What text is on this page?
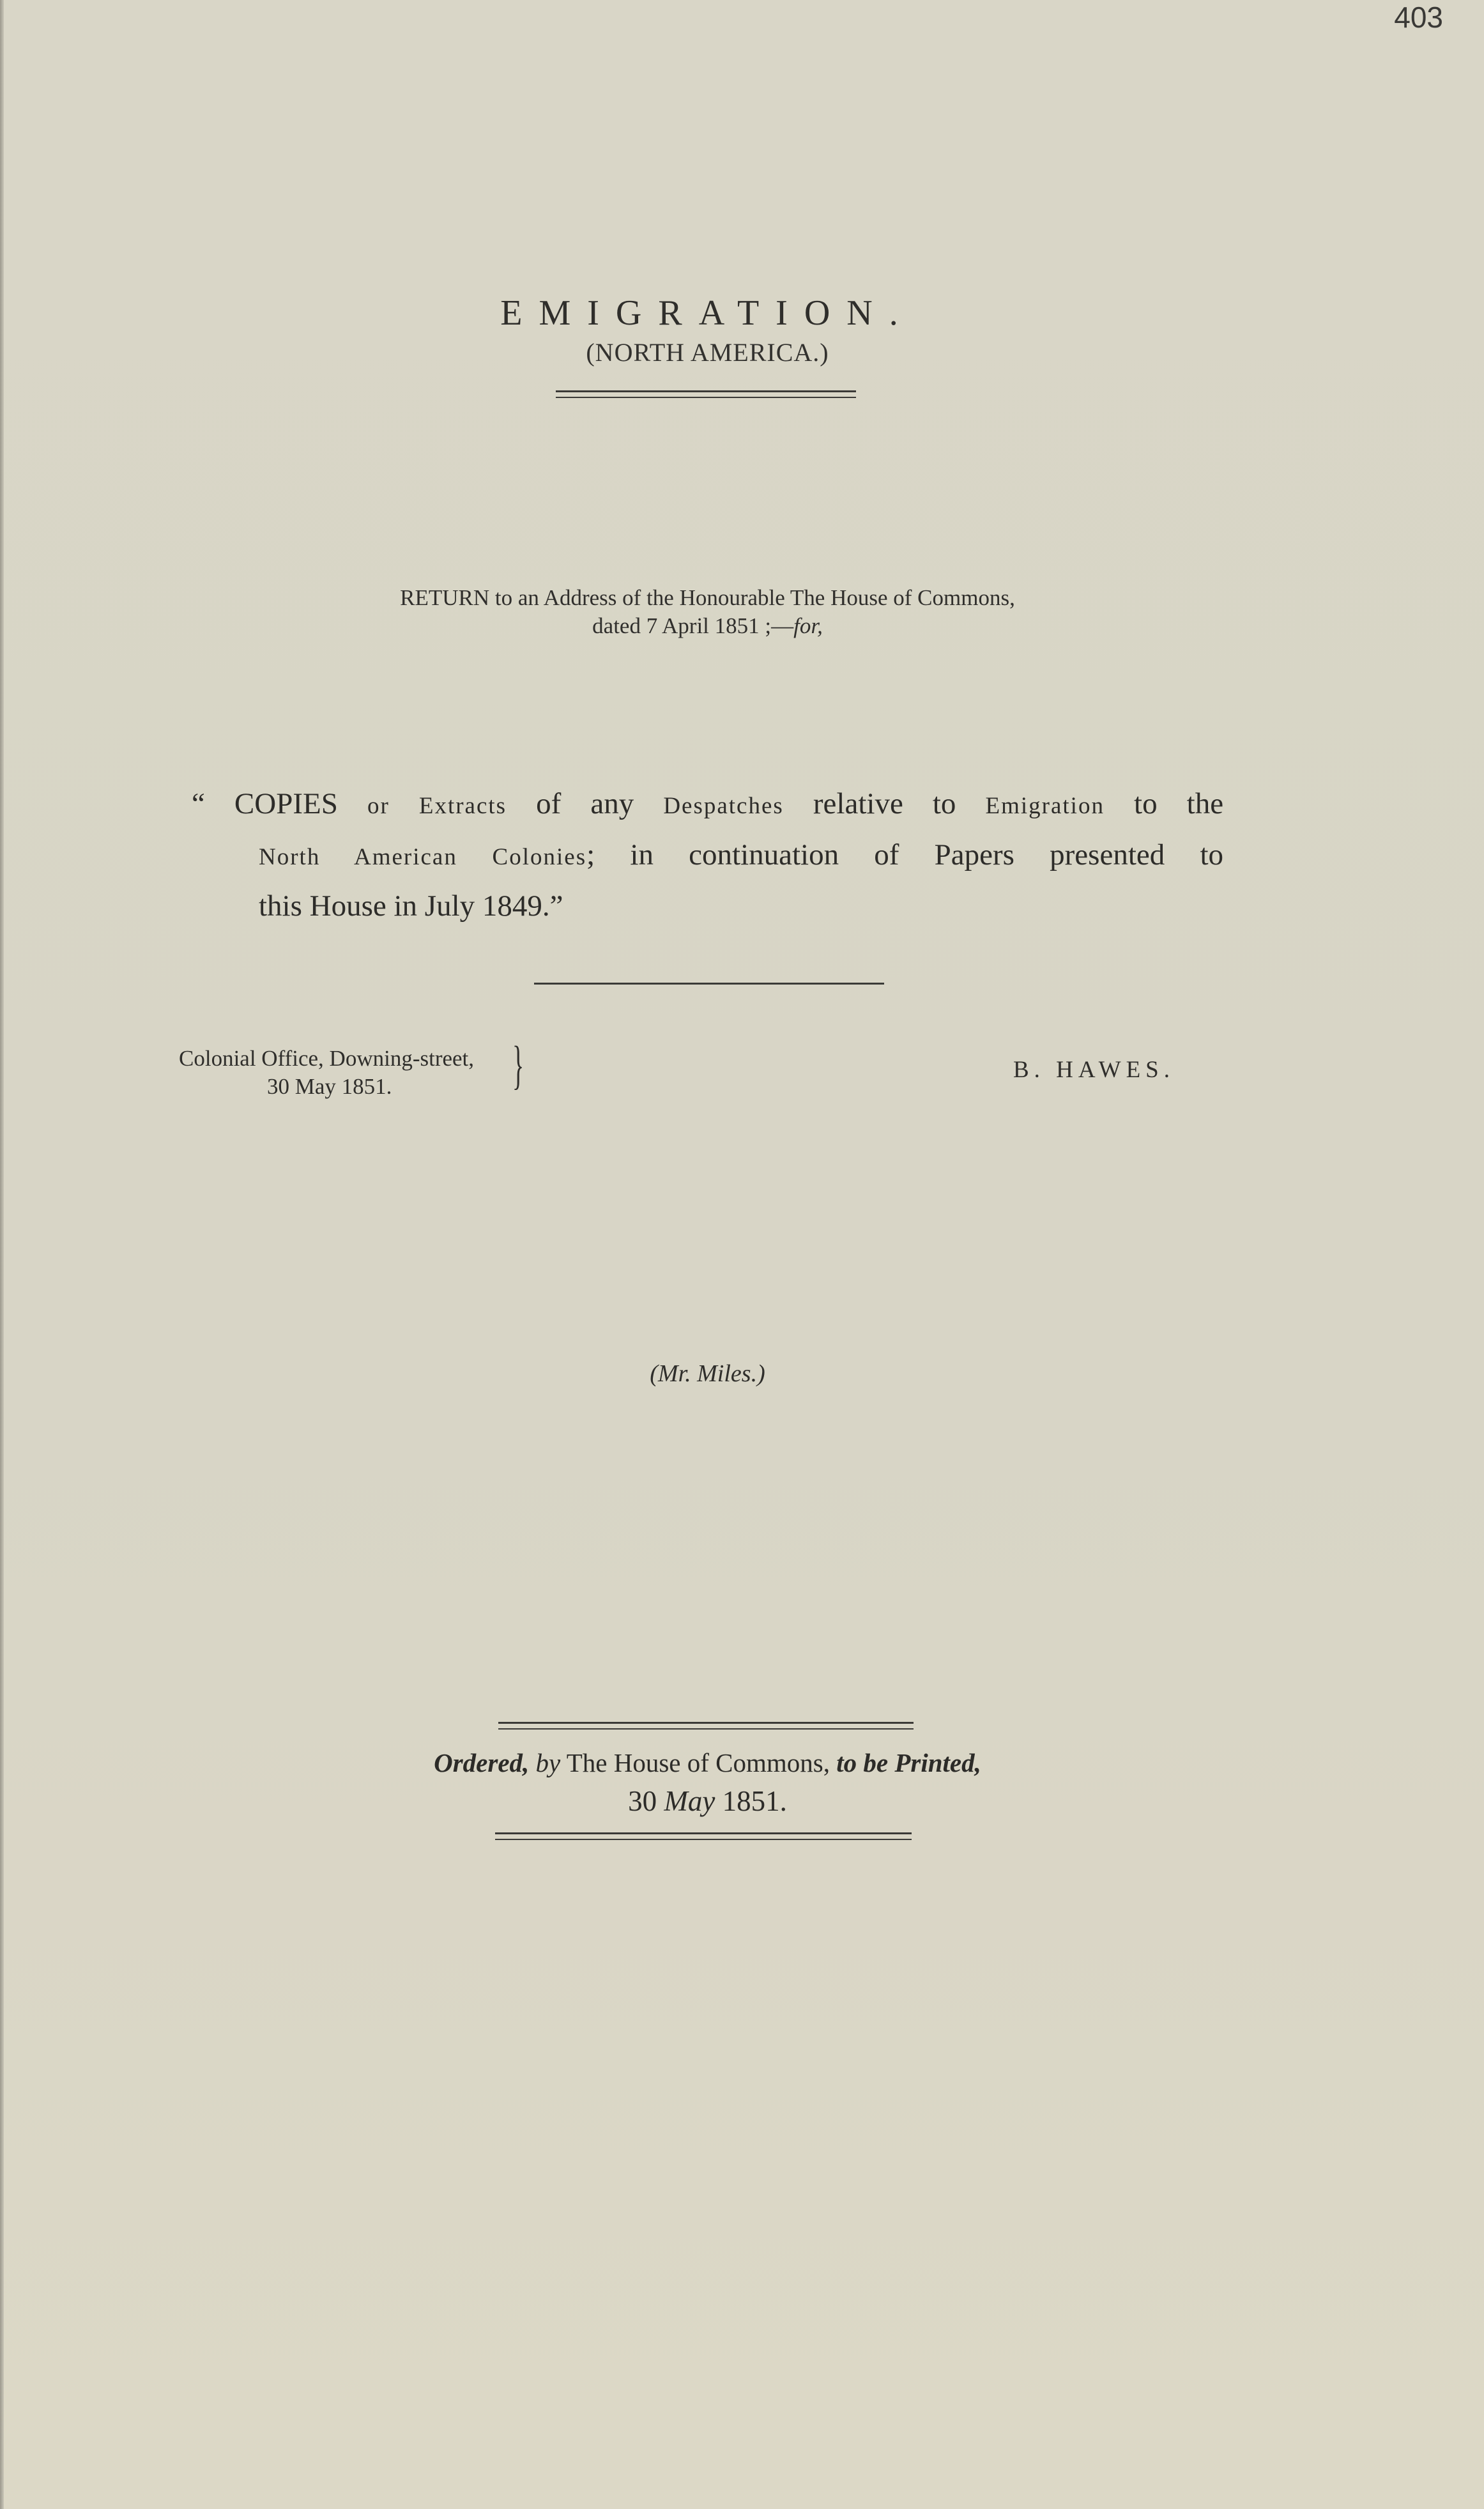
403
EMIGRATION.
(NORTH AMERICA.)
RETURN to an Address of the Honourable The House of Commons,
dated 7 April 1851 ;—for,

“ COPIES or Extracts of any Despatches relative to Emigration to the

North American Colonies; in continuation of Papers presented to

this House in July 1849.”

Colonial Office, Downing-street,
30 May 1851.	}	B. HAWES.
(Mr. Miles.)
Ordered, by The House of Commons, to be Printed,
30 May 1851.
